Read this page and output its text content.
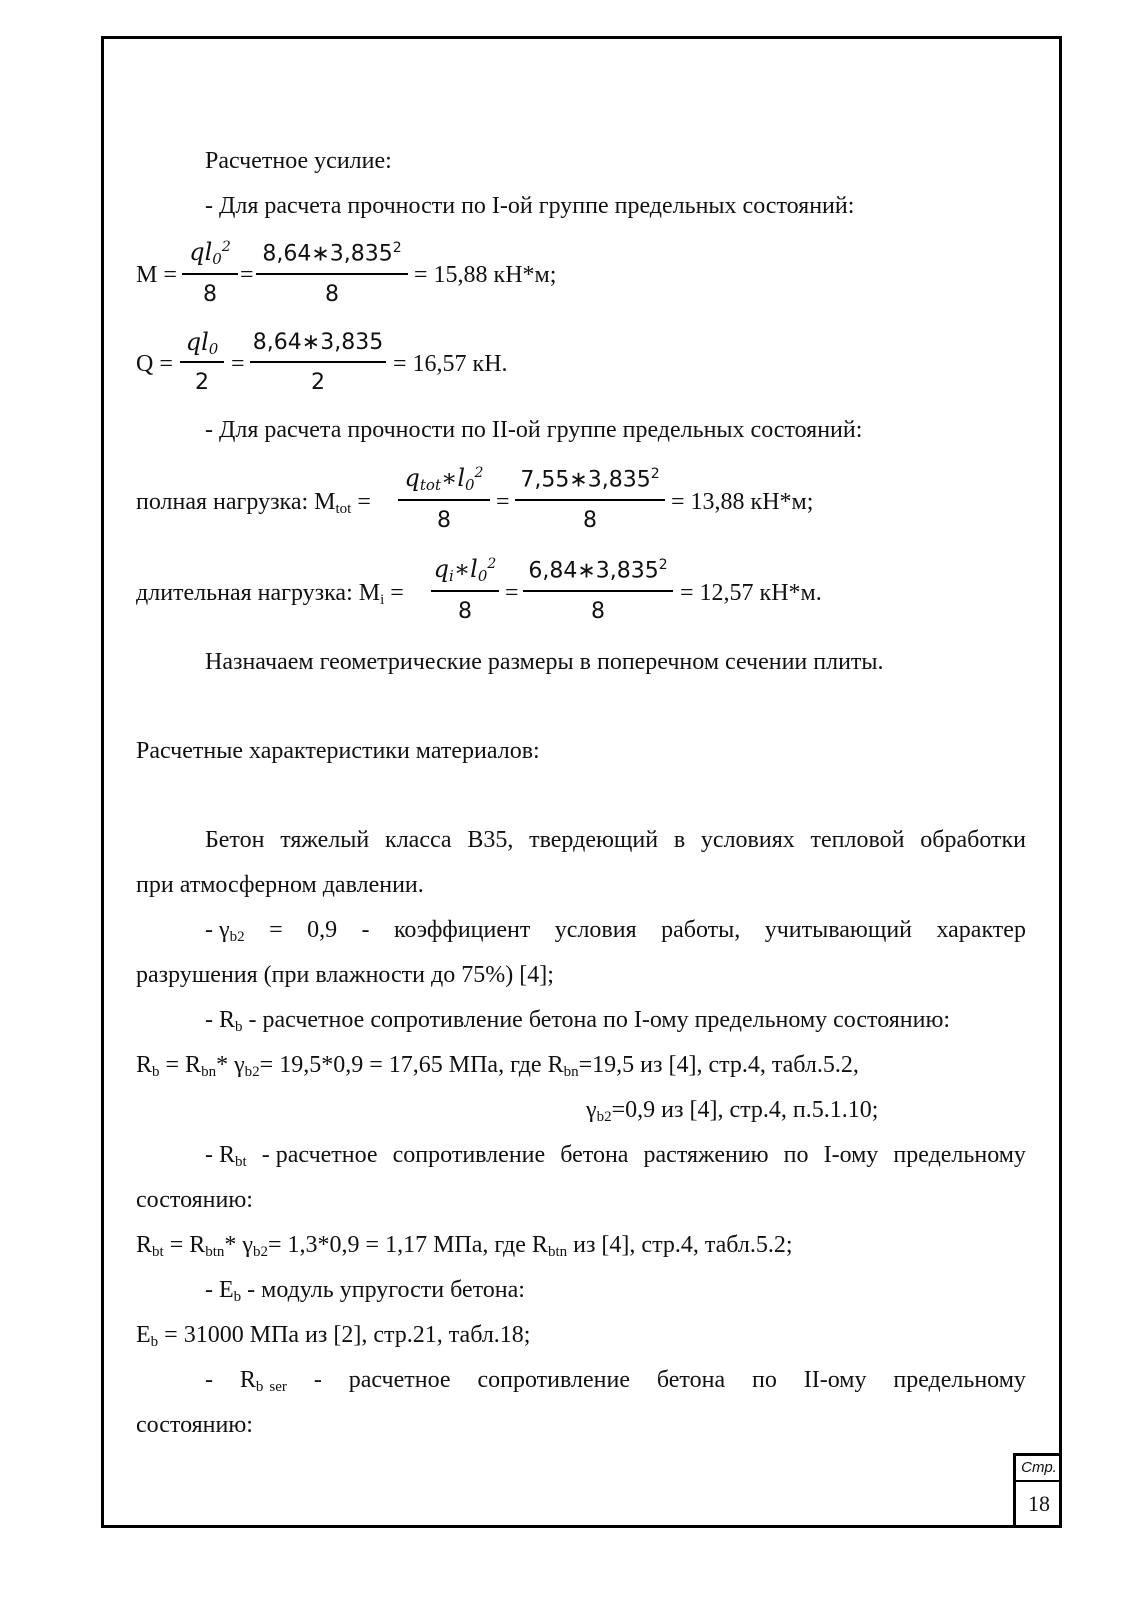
Расчетное усилие:
- Для расчета прочности по I-ой группе предельных состояний:
M =
$ql_0^2$
8
=
$8,64∗3,835^2$
8
= 15,88 кН*м;
Q =
$ql_0$
2
=
8,64∗3,835
2
= 16,57 кН.
- Для расчета прочности по II-ой группе предельных состояний:
полная нагрузка: $M_{tot}$ =
$q_{tot}∗l_0^2$
8
=
$7,55∗3,835^2$
8
= 13,88 кН*м;
длительная нагрузка: $M_i$ =
$q_i∗l_0^2$
8
=
$6,84∗3,835^2$
8
= 12,57 кН*м.
Назначаем геометрические размеры в поперечном сечении плиты.
Расчетные характеристики материалов:
Бетон тяжелый класса В35, твердеющий в условиях тепловой обработки
при атмосферном давлении.
- $\gamma_{b2} = 0,9$ - коэффициент условия работы, учитывающий характер
разрушения (при влажности до 75%) [4];
- $R_b$ - расчетное сопротивление бетона по I-ому предельному состоянию:
$R_b = R_{bn}*$ $\gamma_{b2}= 19,5*0,9 = 17,65$ МПа, где $R_{bn}=19,5$ из [4], стр.4, табл.5.2,
$\gamma_{b2}=0,9$ из [4], стр.4, п.5.1.10;
- $R_{bt}$ - расчетное сопротивление бетона растяжению по I-ому предельному
состоянию:
$R_{bt} = R_{btn}*$ $\gamma_{b2}= 1,3*0,9 = 1,17$ МПа, где $R_{btn}$ из [4], стр.4, табл.5.2;
- $E_b$ - модуль упругости бетона:
$E_b = 31000$ МПа из [2], стр.21, табл.18;
- $R_b$ $_{ser}$ - расчетное сопротивление бетона по II-ому предельному
состоянию:
Стр.
18
